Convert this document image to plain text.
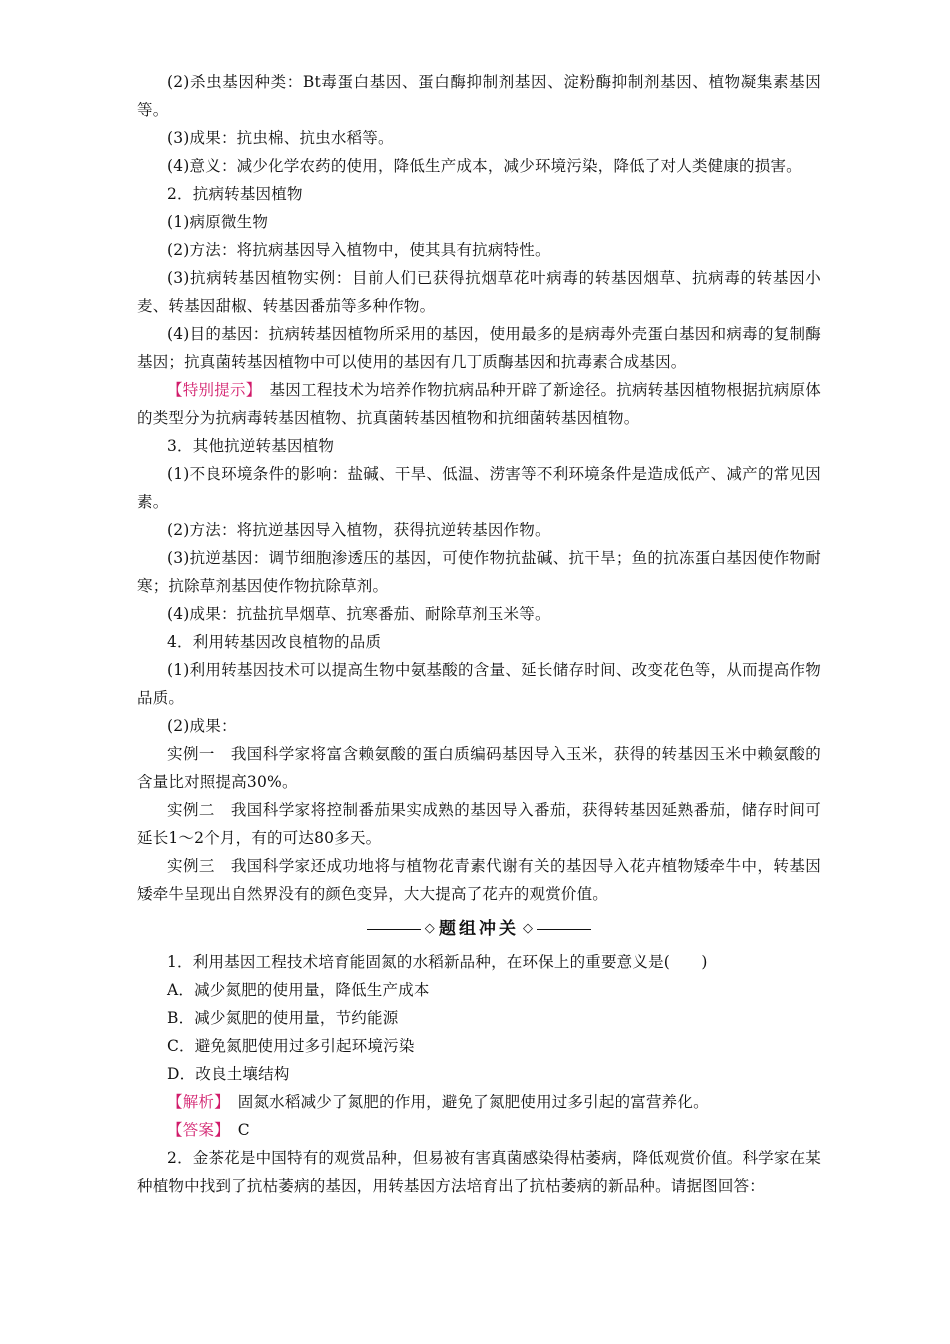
(2)杀虫基因种类：Bt毒蛋白基因、蛋白酶抑制剂基因、淀粉酶抑制剂基因、植物凝集素基因等。

(3)成果：抗虫棉、抗虫水稻等。

(4)意义：减少化学农药的使用，降低生产成本，减少环境污染，降低了对人类健康的损害。

2．抗病转基因植物

(1)病原微生物

(2)方法：将抗病基因导入植物中，使其具有抗病特性。

(3)抗病转基因植物实例：目前人们已获得抗烟草花叶病毒的转基因烟草、抗病毒的转基因小麦、转基因甜椒、转基因番茄等多种作物。

(4)目的基因：抗病转基因植物所采用的基因，使用最多的是病毒外壳蛋白基因和病毒的复制酶基因；抗真菌转基因植物中可以使用的基因有几丁质酶基因和抗毒素合成基因。

【特别提示】　基因工程技术为培养作物抗病品种开辟了新途径。抗病转基因植物根据抗病原体的类型分为抗病毒转基因植物、抗真菌转基因植物和抗细菌转基因植物。

3．其他抗逆转基因植物

(1)不良环境条件的影响：盐碱、干旱、低温、涝害等不利环境条件是造成低产、减产的常见因素。

(2)方法：将抗逆基因导入植物，获得抗逆转基因作物。

(3)抗逆基因：调节细胞渗透压的基因，可使作物抗盐碱、抗干旱；鱼的抗冻蛋白基因使作物耐寒；抗除草剂基因使作物抗除草剂。

(4)成果：抗盐抗旱烟草、抗寒番茄、耐除草剂玉米等。

4．利用转基因改良植物的品质

(1)利用转基因技术可以提高生物中氨基酸的含量、延长储存时间、改变花色等，从而提高作物品质。

(2)成果：

实例一　我国科学家将富含赖氨酸的蛋白质编码基因导入玉米，获得的转基因玉米中赖氨酸的含量比对照提高30%。

实例二　我国科学家将控制番茄果实成熟的基因导入番茄，获得转基因延熟番茄，储存时间可延长1～2个月，有的可达80多天。

实例三　我国科学家还成功地将与植物花青素代谢有关的基因导入花卉植物矮牵牛中，转基因矮牵牛呈现出自然界没有的颜色变异，大大提高了花卉的观赏价值。

◇ 题组冲关 ◇

1．利用基因工程技术培育能固氮的水稻新品种，在环保上的重要意义是(　　)

A．减少氮肥的使用量，降低生产成本

B．减少氮肥的使用量，节约能源

C．避免氮肥使用过多引起环境污染

D．改良土壤结构

【解析】　固氮水稻减少了氮肥的作用，避免了氮肥使用过多引起的富营养化。

【答案】　C

2．金茶花是中国特有的观赏品种，但易被有害真菌感染得枯萎病，降低观赏价值。科学家在某种植物中找到了抗枯萎病的基因，用转基因方法培育出了抗枯萎病的新品种。请据图回答：
